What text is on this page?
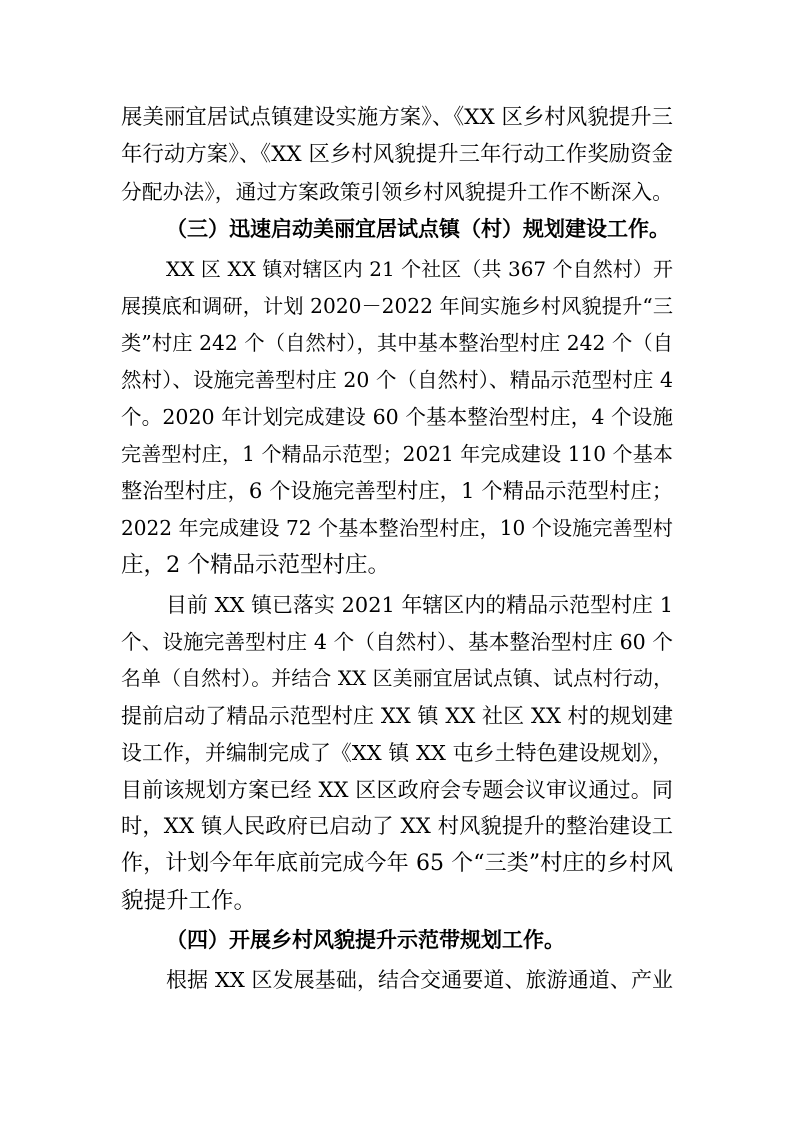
展美丽宜居试点镇建设实施方案》、《XX 区乡村风貌提升三
年行动方案》、《XX 区乡村风貌提升三年行动工作奖励资金
分配办法》，通过方案政策引领乡村风貌提升工作不断深入。
（三）迅速启动美丽宜居试点镇（村）规划建设工作。
XX 区 XX 镇对辖区内 21 个社区（共 367 个自然村）开
展摸底和调研，计划 2020－2022 年间实施乡村风貌提升“三
类”村庄 242 个（自然村），其中基本整治型村庄 242 个（自
然村）、设施完善型村庄 20 个（自然村）、精品示范型村庄 4
个。2020 年计划完成建设 60 个基本整治型村庄，4 个设施
完善型村庄，1 个精品示范型；2021 年完成建设 110 个基本
整治型村庄，6 个设施完善型村庄，1 个精品示范型村庄；
2022 年完成建设 72 个基本整治型村庄，10 个设施完善型村
庄，2 个精品示范型村庄。
目前 XX 镇已落实 2021 年辖区内的精品示范型村庄 1
个、设施完善型村庄 4 个（自然村）、基本整治型村庄 60 个
名单（自然村）。并结合 XX 区美丽宜居试点镇、试点村行动，
提前启动了精品示范型村庄 XX 镇 XX 社区 XX 村的规划建
设工作，并编制完成了《XX 镇 XX 屯乡土特色建设规划》，
目前该规划方案已经 XX 区区政府会专题会议审议通过。同
时，XX 镇人民政府已启动了 XX 村风貌提升的整治建设工
作，计划今年年底前完成今年 65 个“三类”村庄的乡村风
貌提升工作。
（四）开展乡村风貌提升示范带规划工作。
根据 XX 区发展基础，结合交通要道、旅游通道、产业
